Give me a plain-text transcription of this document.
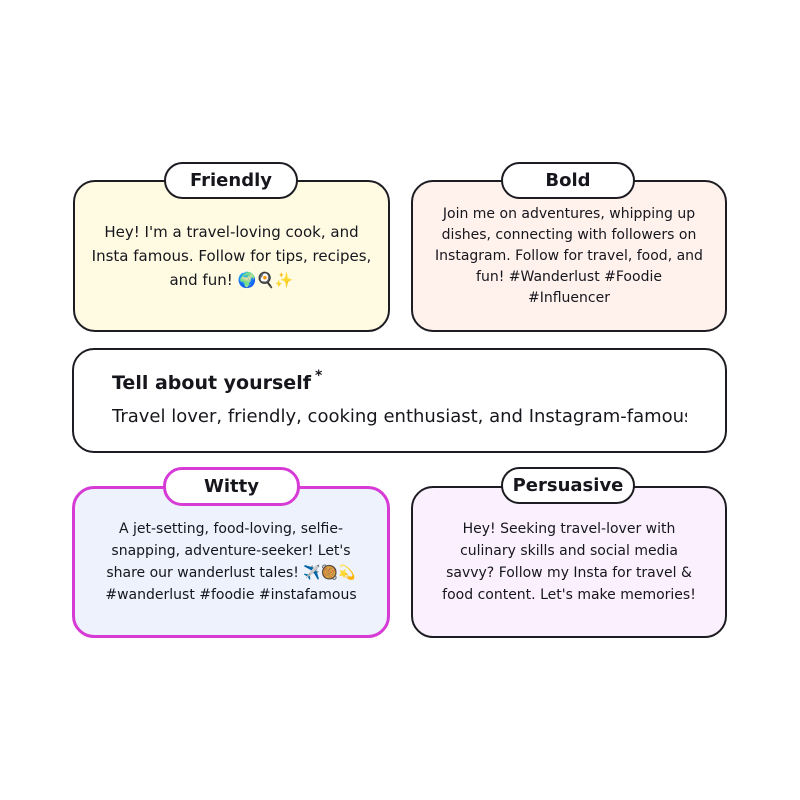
Hey! I'm a travel-loving cook, and Insta famous. Follow for tips, recipes, and fun! 🌍🍳✨
Friendly
Join me on adventures, whipping up dishes, connecting with followers on Instagram. Follow for travel, food, and fun! #Wanderlust #Foodie #Influencer
Bold
Tell about yourself *
Travel lover, friendly, cooking enthusiast, and Instagram-famous
A jet-setting, food-loving, selfie-snapping, adventure-seeker! Let's share our wanderlust tales! ✈️🥘💫 #wanderlust #foodie #instafamous
Witty
Hey! Seeking travel-lover with culinary skills and social media savvy? Follow my Insta for travel & food content. Let's make memories!
Persuasive
